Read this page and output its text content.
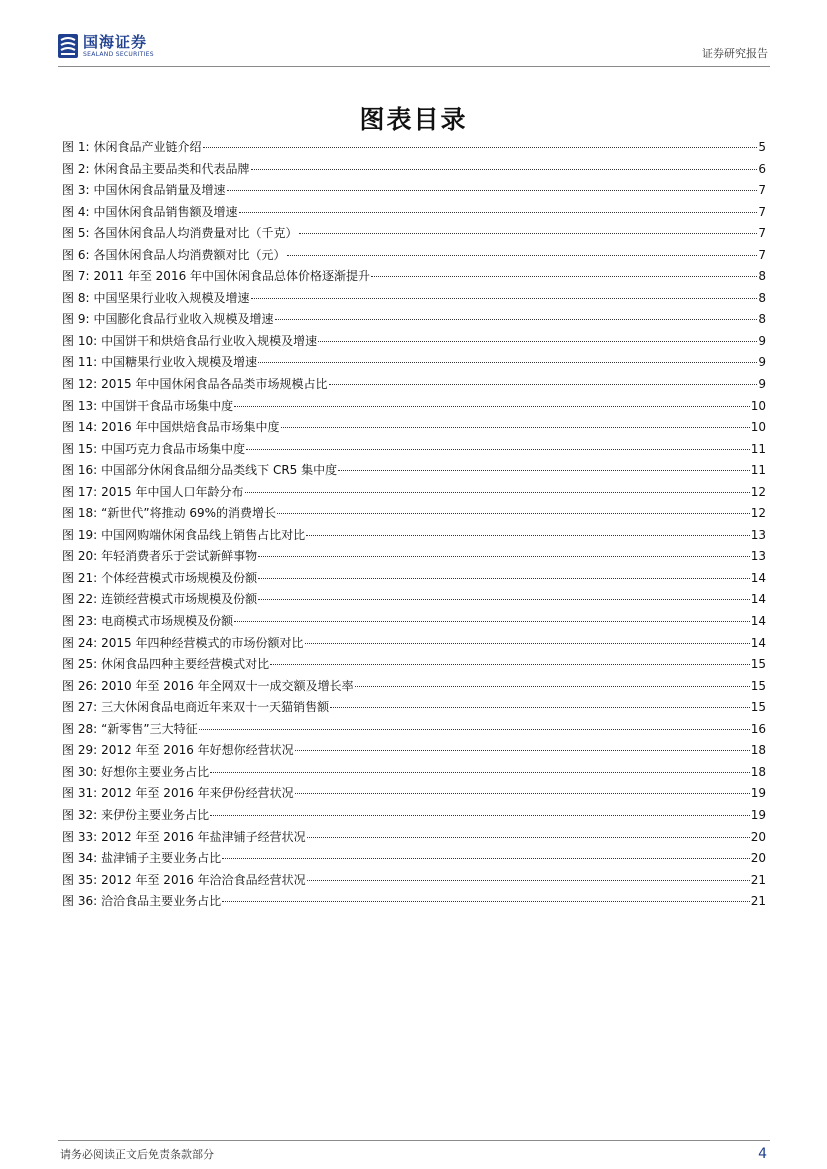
国海证券
SEALAND SECURITIES	证券研究报告
图表目录
图 1: 休闲食品产业链介绍	5
图 2: 休闲食品主要品类和代表品牌	6
图 3: 中国休闲食品销量及增速	7
图 4: 中国休闲食品销售额及增速	7
图 5: 各国休闲食品人均消费量对比（千克）	7
图 6: 各国休闲食品人均消费额对比（元）	7
图 7: 2011 年至 2016 年中国休闲食品总体价格逐渐提升	8
图 8: 中国坚果行业收入规模及增速	8
图 9: 中国膨化食品行业收入规模及增速	8
图 10: 中国饼干和烘焙食品行业收入规模及增速	9
图 11: 中国糖果行业收入规模及增速	9
图 12: 2015 年中国休闲食品各品类市场规模占比	9
图 13: 中国饼干食品市场集中度	10
图 14: 2016 年中国烘焙食品市场集中度	10
图 15: 中国巧克力食品市场集中度	11
图 16: 中国部分休闲食品细分品类线下 CR5 集中度	11
图 17: 2015 年中国人口年龄分布	12
图 18: “新世代”将推动 69%的消费增长	12
图 19: 中国网购端休闲食品线上销售占比对比	13
图 20: 年轻消费者乐于尝试新鲜事物	13
图 21: 个体经营模式市场规模及份额	14
图 22: 连锁经营模式市场规模及份额	14
图 23: 电商模式市场规模及份额	14
图 24: 2015 年四种经营模式的市场份额对比	14
图 25: 休闲食品四种主要经营模式对比	15
图 26: 2010 年至 2016 年全网双十一成交额及增长率	15
图 27: 三大休闲食品电商近年来双十一天猫销售额	15
图 28: “新零售”三大特征	16
图 29: 2012 年至 2016 年好想你经营状况	18
图 30: 好想你主要业务占比	18
图 31: 2012 年至 2016 年来伊份经营状况	19
图 32: 来伊份主要业务占比	19
图 33: 2012 年至 2016 年盐津铺子经营状况	20
图 34: 盐津铺子主要业务占比	20
图 35: 2012 年至 2016 年洽洽食品经营状况	21
图 36: 洽洽食品主要业务占比	21
请务必阅读正文后免责条款部分	4
